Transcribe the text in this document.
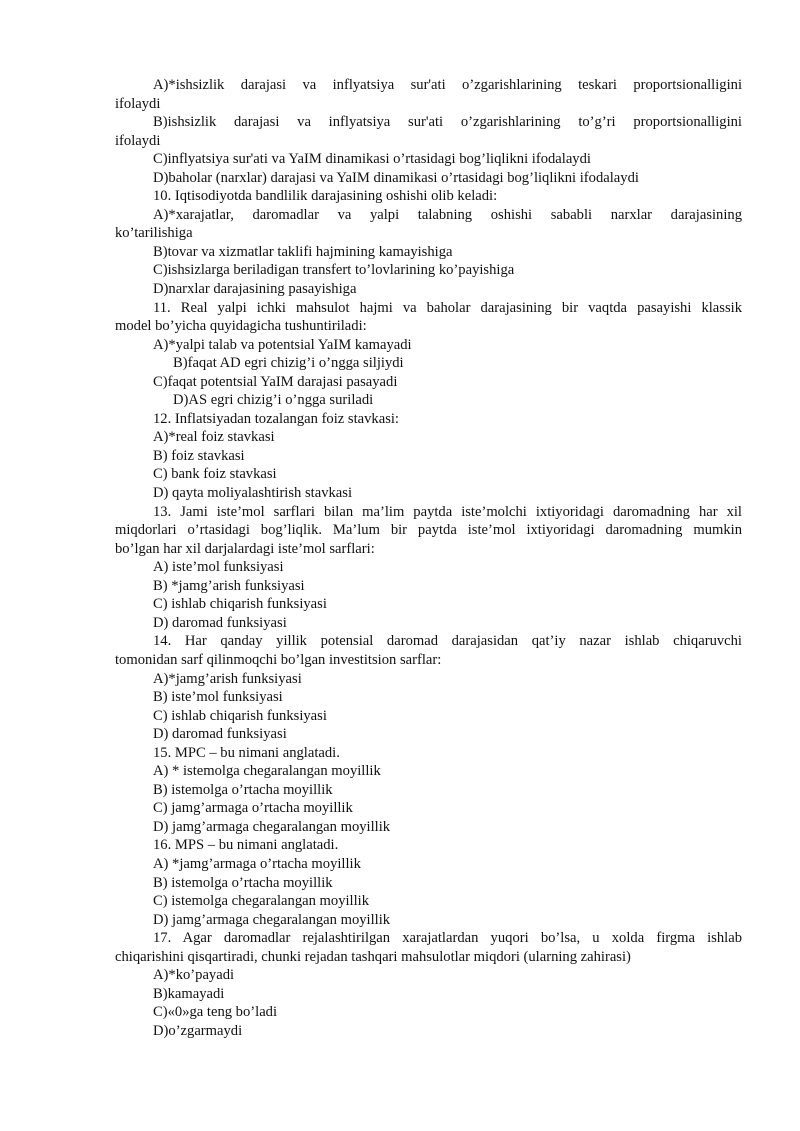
A)*ishsizlik darajasi va inflyatsiya sur'ati o’zgarishlarining teskari proportsionalligini
ifolaydi
B)ishsizlik darajasi va inflyatsiya sur'ati o’zgarishlarining to’g’ri proportsionalligini
ifolaydi
C)inflyatsiya sur'ati va YaIM dinamikasi o’rtasidagi bog’liqlikni ifodalaydi
D)baholar (narxlar) darajasi va YaIM dinamikasi o’rtasidagi bog’liqlikni ifodalaydi
10. Iqtisodiyotda bandlilik darajasining oshishi olib keladi:
A)*xarajatlar, daromadlar va yalpi talabning oshishi sababli narxlar darajasining
ko’tarilishiga
B)tovar va xizmatlar taklifi hajmining kamayishiga
C)ishsizlarga beriladigan transfert to’lovlarining ko’payishiga
D)narxlar darajasining pasayishiga
11. Real yalpi ichki mahsulot hajmi va baholar darajasining bir vaqtda pasayishi klassik
model bo’yicha quyidagicha tushuntiriladi:
A)*yalpi talab va potentsial YaIM kamayadi
B)faqat AD egri chizig’i o’ngga siljiydi
C)faqat potentsial YaIM darajasi pasayadi
D)AS egri chizig’i o’ngga suriladi
12. Inflatsiyadan tozalangan foiz stavkasi:
A)*real foiz stavkasi
B) foiz stavkasi
C) bank foiz stavkasi
D) qayta moliyalashtirish stavkasi
13. Jami iste’mol sarflari bilan ma’lim paytda iste’molchi ixtiyoridagi daromadning har xil
miqdorlari o’rtasidagi bog’liqlik. Ma’lum bir paytda iste’mol ixtiyoridagi daromadning mumkin
bo’lgan har xil darjalardagi iste’mol sarflari:
A) iste’mol funksiyasi
B) *jamg’arish funksiyasi
C) ishlab chiqarish funksiyasi
D) daromad funksiyasi
14. Har qanday yillik potensial daromad darajasidan qat’iy nazar ishlab chiqaruvchi
tomonidan sarf qilinmoqchi bo’lgan investitsion sarflar:
A)*jamg’arish funksiyasi
B) iste’mol funksiyasi
C) ishlab chiqarish funksiyasi
D) daromad funksiyasi
15. MPC – bu nimani anglatadi.
A) * istemolga chegaralangan moyillik
B) istemolga o’rtacha moyillik
C) jamg’armaga o’rtacha moyillik
D) jamg’armaga chegaralangan moyillik
16. MPS – bu nimani anglatadi.
A) *jamg’armaga o’rtacha moyillik
B) istemolga o’rtacha moyillik
C) istemolga chegaralangan moyillik
D) jamg’armaga chegaralangan moyillik
17. Agar daromadlar rejalashtirilgan xarajatlardan yuqori bo’lsa, u xolda firgma ishlab
chiqarishini qisqartiradi, chunki rejadan tashqari mahsulotlar miqdori (ularning zahirasi)
A)*ko’payadi
B)kamayadi
C)«0»ga teng bo’ladi
D)o’zgarmaydi
